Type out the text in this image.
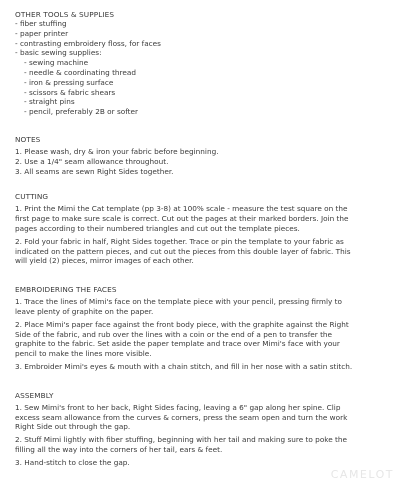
OTHER TOOLS & SUPPLIES

- fiber stuffing

- paper printer

- contrasting embroidery floss, for faces

- basic sewing supplies:

- sewing machine

- needle & coordinating thread

- iron & pressing surface

- scissors & fabric shears

- straight pins

- pencil, preferably 2B or softer

NOTES

1. Please wash, dry & iron your fabric before beginning.

2. Use a 1/4" seam allowance throughout.

3. All seams are sewn Right Sides together.

CUTTING

1. Print the Mimi the Cat template (pp 3-8) at 100% scale - measure the test square on the

first page to make sure scale is correct. Cut out the pages at their marked borders. Join the

pages according to their numbered triangles and cut out the template pieces.

2. Fold your fabric in half, Right Sides together. Trace or pin the template to your fabric as

indicated on the pattern pieces, and cut out the pieces from this double layer of fabric. This

will yield (2) pieces, mirror images of each other.

EMBROIDERING THE FACES

1. Trace the lines of Mimi's face on the template piece with your pencil, pressing firmly to

leave plenty of graphite on the paper.

2. Place Mimi's paper face against the front body piece, with the graphite against the Right

Side of the fabric, and rub over the lines with a coin or the end of a pen to transfer the

graphite to the fabric. Set aside the paper template and trace over Mimi's face with your

pencil to make the lines more visible.

3. Embroider Mimi's eyes & mouth with a chain stitch, and fill in her nose with a satin stitch.

ASSEMBLY

1. Sew Mimi's front to her back, Right Sides facing, leaving a 6" gap along her spine. Clip

excess seam allowance from the curves & corners, press the seam open and turn the work

Right Side out through the gap.

2. Stuff Mimi lightly with fiber stuffing, beginning with her tail and making sure to poke the

filling all the way into the corners of her tail, ears & feet.

3. Hand-stitch to close the gap.

CAMELOT
